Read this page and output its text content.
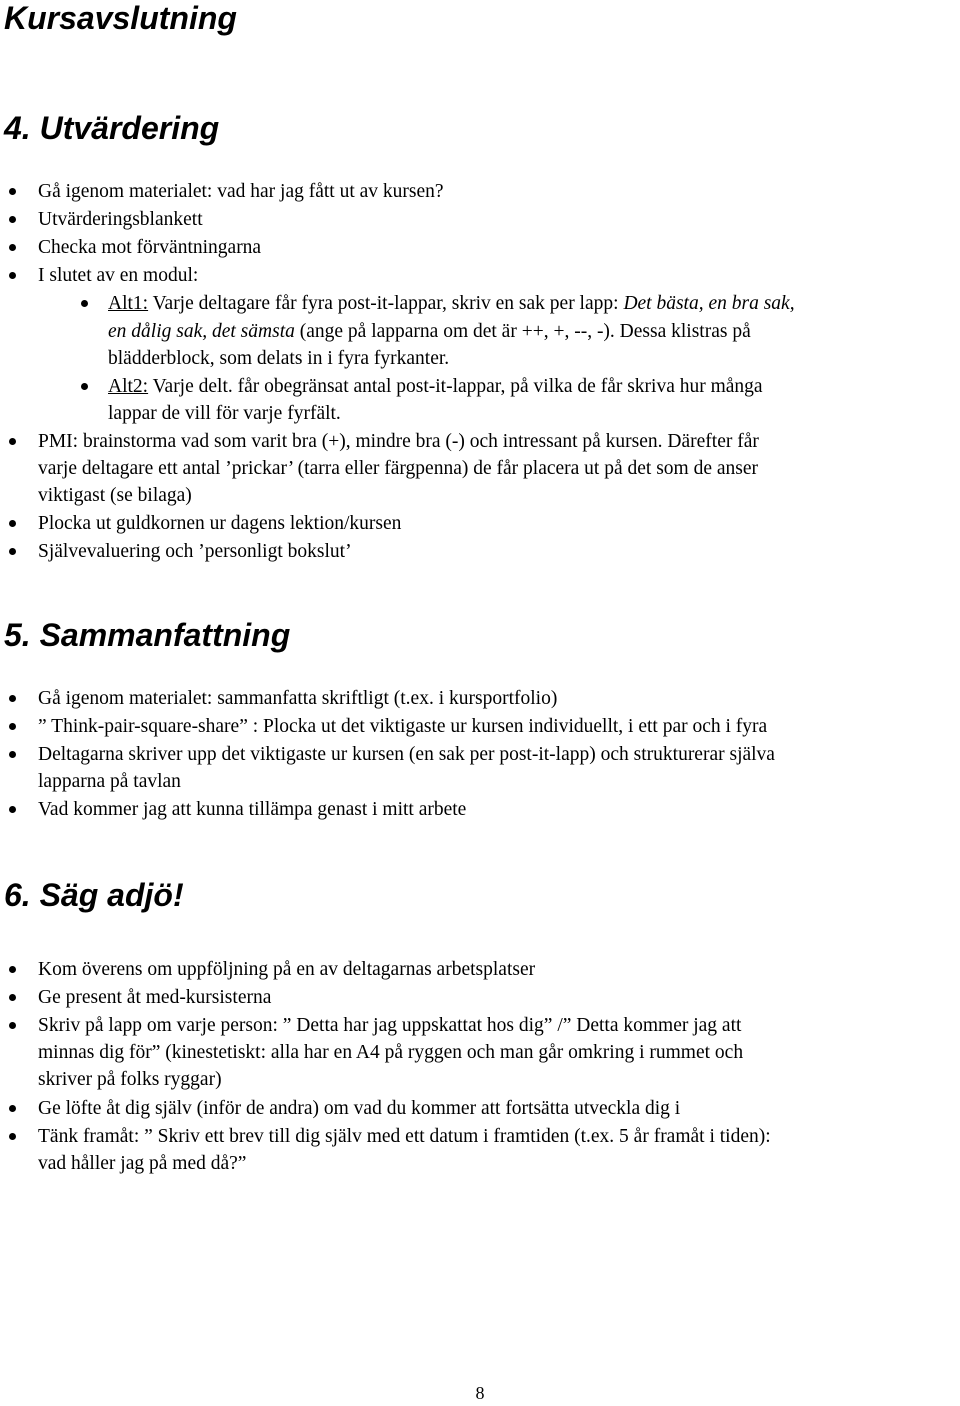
Kursavslutning
4. Utvärdering
Gå igenom materialet: vad har jag fått ut av kursen?
Utvärderingsblankett
Checka mot förväntningarna
I slutet av en modul:
Alt1: Varje deltagare får fyra post-it-lappar, skriv en sak per lapp: Det bästa, en bra sak,
en dålig sak, det sämsta (ange på lapparna om det är ++, +, --, -). Dessa klistras på
blädderblock, som delats in i fyra fyrkanter.
Alt2: Varje delt. får obegränsat antal post-it-lappar, på vilka de får skriva hur många
lappar de vill för varje fyrfält.
PMI: brainstorma vad som varit bra (+), mindre bra (-) och intressant på kursen. Därefter får
varje deltagare ett antal ’prickar’ (tarra eller färgpenna) de får placera ut på det som de anser
viktigast (se bilaga)
Plocka ut guldkornen ur dagens lektion/kursen
Självevaluering och ’personligt bokslut’
5. Sammanfattning
Gå igenom materialet: sammanfatta skriftligt (t.ex. i kursportfolio)
” Think-pair-square-share” : Plocka ut det viktigaste ur kursen individuellt, i ett par och i fyra
Deltagarna skriver upp det viktigaste ur kursen (en sak per post-it-lapp) och strukturerar själva
lapparna på tavlan
Vad kommer jag att kunna tillämpa genast i mitt arbete
6. Säg adjö!
Kom överens om uppföljning på en av deltagarnas arbetsplatser
Ge present åt med-kursisterna
Skriv på lapp om varje person: ” Detta har jag uppskattat hos dig” /” Detta kommer jag att
minnas dig för” (kinestetiskt: alla har en A4 på ryggen och man går omkring i rummet och
skriver på folks ryggar)
Ge löfte åt dig själv (inför de andra) om vad du kommer att fortsätta utveckla dig i
Tänk framåt: ” Skriv ett brev till dig själv med ett datum i framtiden (t.ex. 5 år framåt i tiden):
vad håller jag på med då?”
8
